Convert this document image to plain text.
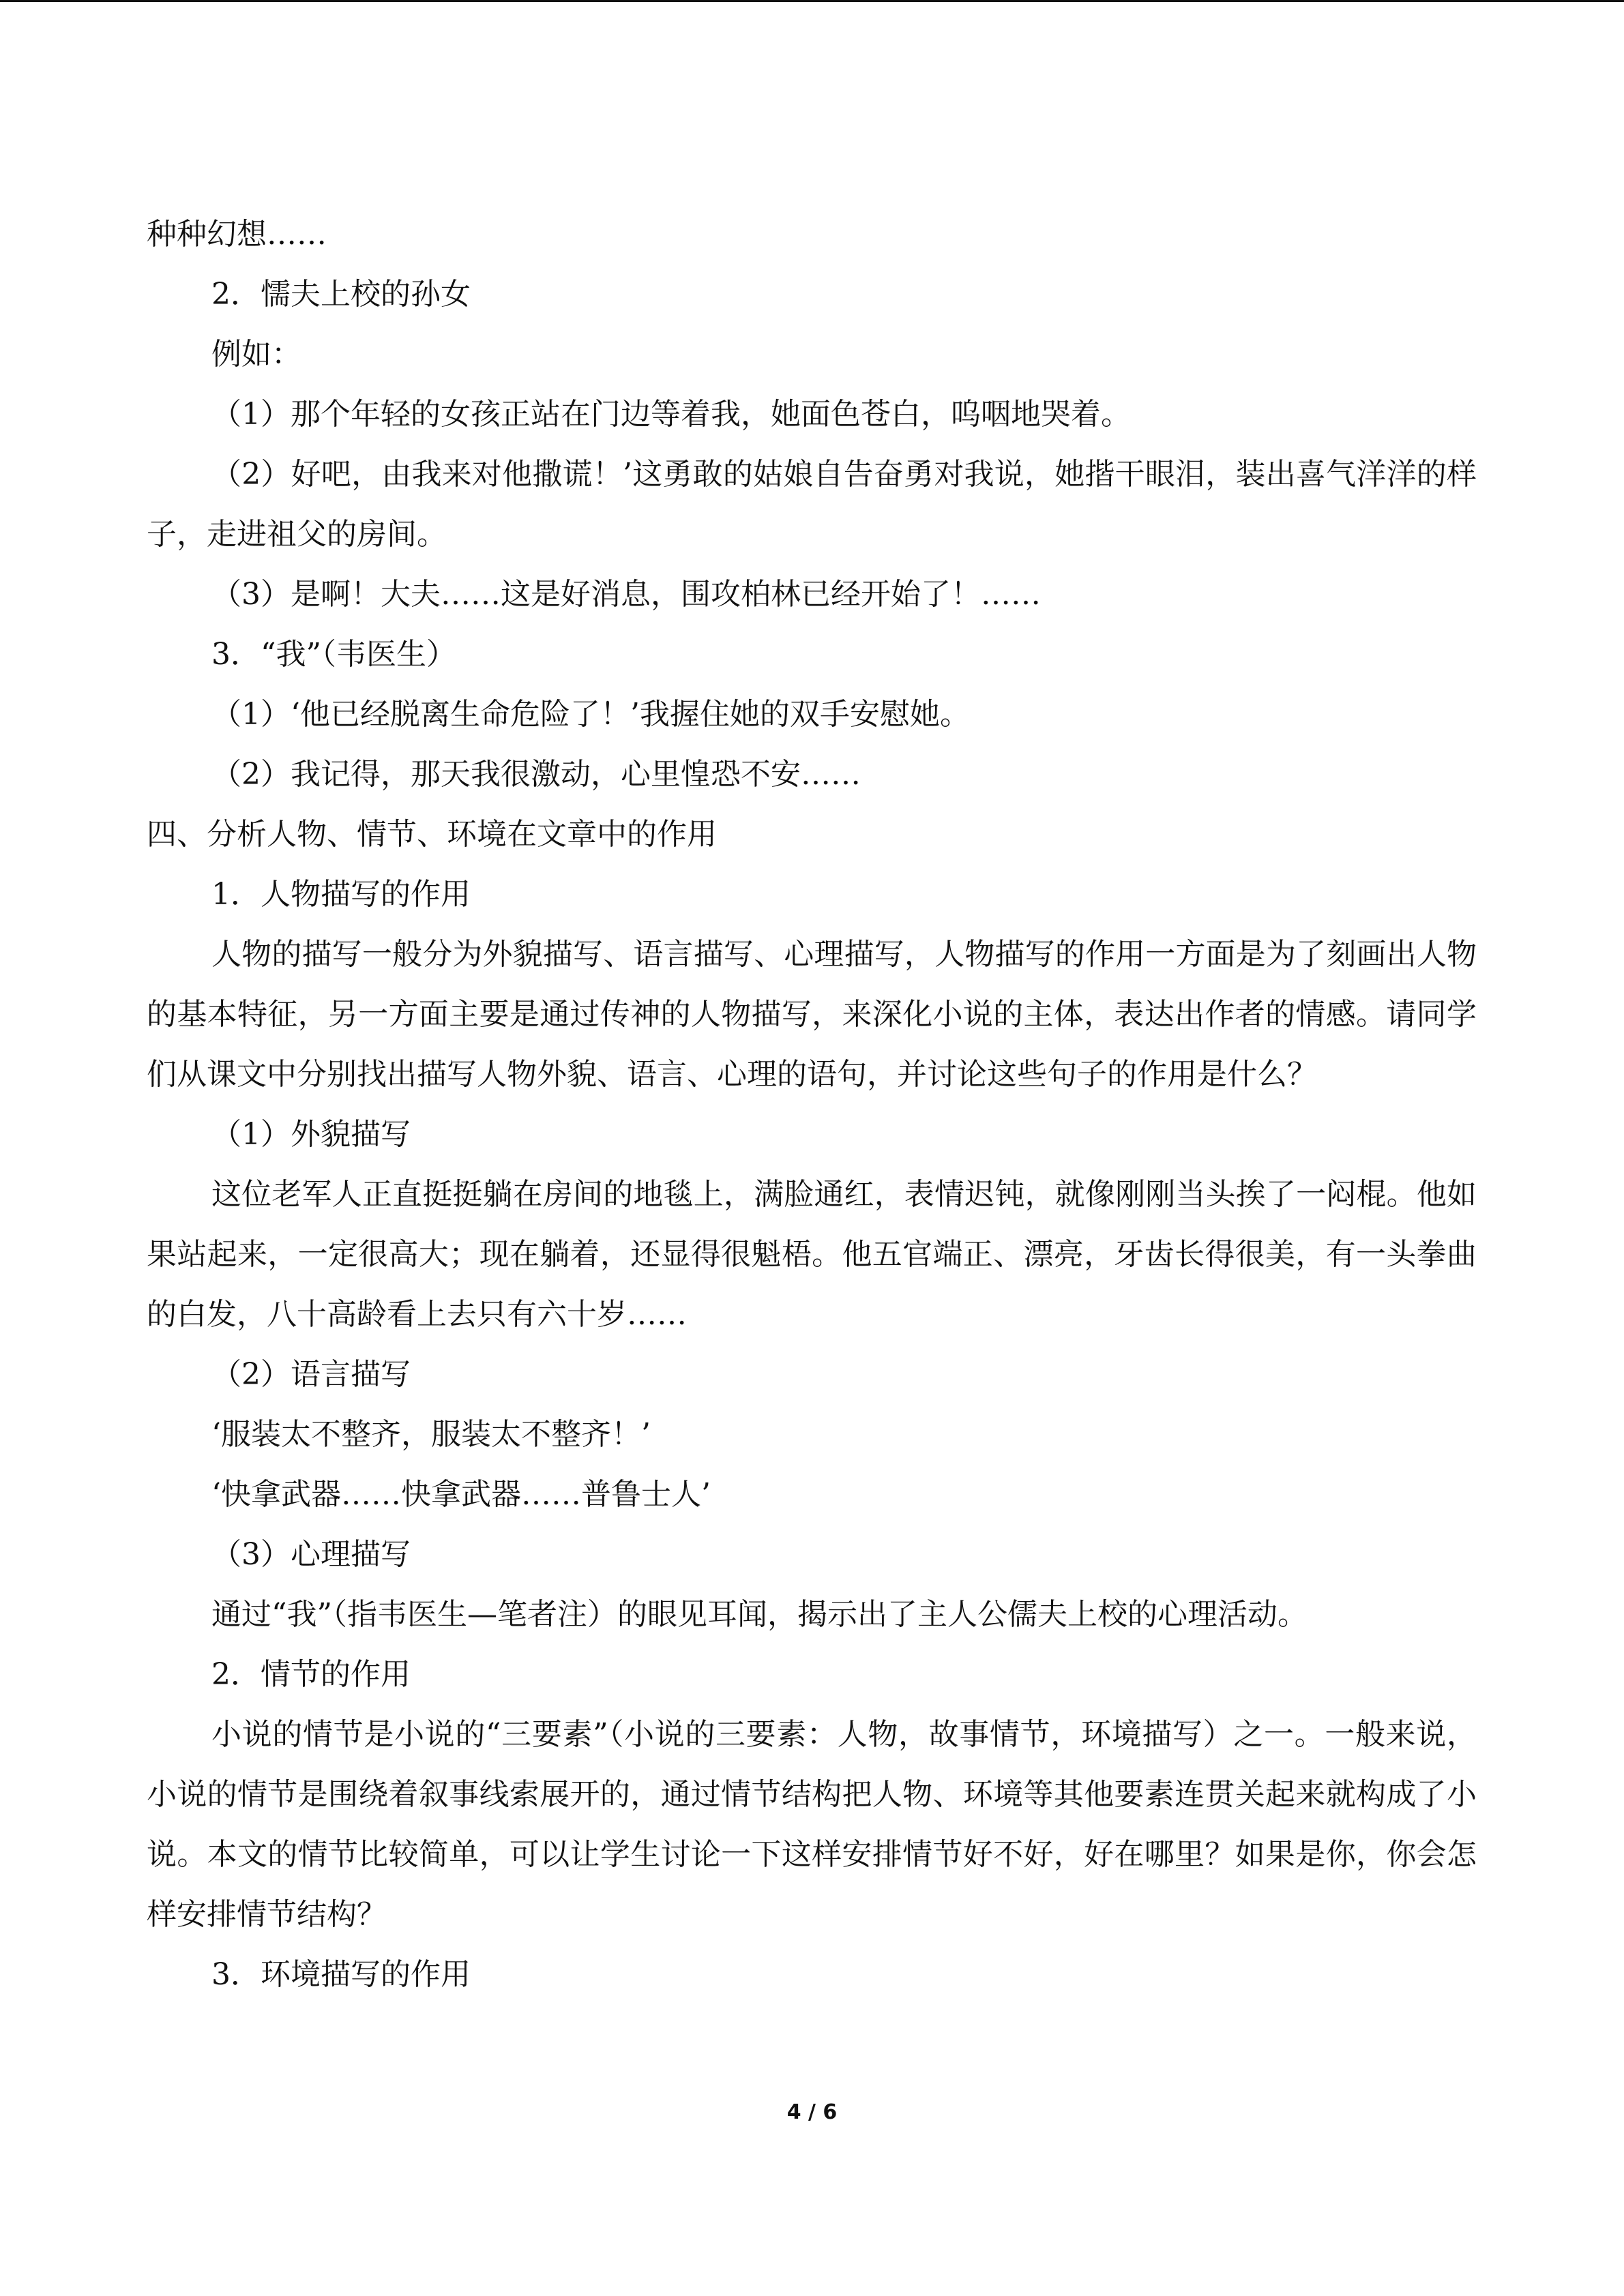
种种幻想……

2．懦夫上校的孙女

例如：

（1）那个年轻的女孩正站在门边等着我，她面色苍白，呜咽地哭着。

（2）好吧，由我来对他撒谎！’这勇敢的姑娘自告奋勇对我说，她揩干眼泪，装出喜气洋洋的样子，走进祖父的房间。

（3）是啊！大夫……这是好消息，围攻柏林已经开始了！……

3．“我”（韦医生）

（1）‘他已经脱离生命危险了！’我握住她的双手安慰她。

（2）我记得，那天我很激动，心里惶恐不安……

四、分析人物、情节、环境在文章中的作用

1．人物描写的作用

人物的描写一般分为外貌描写、语言描写、心理描写，人物描写的作用一方面是为了刻画出人物的基本特征，另一方面主要是通过传神的人物描写，来深化小说的主体，表达出作者的情感。请同学们从课文中分别找出描写人物外貌、语言、心理的语句，并讨论这些句子的作用是什么？

（1）外貌描写

这位老军人正直挺挺躺在房间的地毯上，满脸通红，表情迟钝，就像刚刚当头挨了一闷棍。他如果站起来，一定很高大；现在躺着，还显得很魁梧。他五官端正、漂亮，牙齿长得很美，有一头拳曲的白发，八十高龄看上去只有六十岁……

（2）语言描写

‘服装太不整齐，服装太不整齐！’

‘快拿武器……快拿武器……普鲁士人’

（3）心理描写

通过“我”（指韦医生—笔者注）的眼见耳闻，揭示出了主人公儒夫上校的心理活动。

2．情节的作用

小说的情节是小说的“三要素”（小说的三要素：人物，故事情节，环境描写）之一。一般来说，小说的情节是围绕着叙事线索展开的，通过情节结构把人物、环境等其他要素连贯关起来就构成了小说。本文的情节比较简单，可以让学生讨论一下这样安排情节好不好，好在哪里？如果是你，你会怎样安排情节结构？

3．环境描写的作用

4 / 6
